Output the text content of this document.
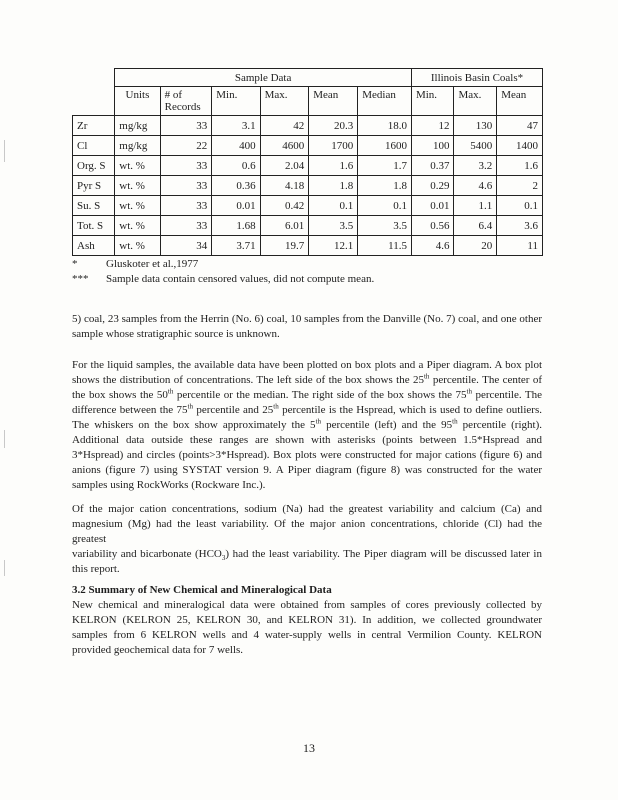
	Sample Data						Illinois Basin Coals*		
	Units	# of Records	Min.	Max.	Mean	Median	Min.	Max.	Mean
Zr	mg/kg	33	3.1	42	20.3	18.0	12	130	47
Cl	mg/kg	22	400	4600	1700	1600	100	5400	1400
Org. S	wt. %	33	0.6	2.04	1.6	1.7	0.37	3.2	1.6
Pyr S	wt. %	33	0.36	4.18	1.8	1.8	0.29	4.6	2
Su. S	wt. %	33	0.01	0.42	0.1	0.1	0.01	1.1	0.1
Tot. S	wt. %	33	1.68	6.01	3.5	3.5	0.56	6.4	3.6
Ash	wt. %	34	3.71	19.7	12.1	11.5	4.6	20	11
*	Gluskoter et al.,1977
*** Sample data contain censored values, did not compute mean.

5) coal, 23 samples from the Herrin (No. 6) coal, 10 samples from the Danville (No. 7) coal, and one other sample whose stratigraphic source is unknown.

For the liquid samples, the available data have been plotted on box plots and a Piper diagram. A box plot shows the distribution of concentrations. The left side of the box shows the 25th percentile. The center of the box shows the 50th percentile or the median. The right side of the box shows the 75th percentile. The difference between the 75th percentile and 25th percentile is the Hspread, which is used to define outliers. The whiskers on the box show approximately the 5th percentile (left) and the 95th percentile (right). Additional data outside these ranges are shown with asterisks (points between 1.5*Hspread and 3*Hspread) and circles (points>3*Hspread). Box plots were constructed for major cations (figure 6) and anions (figure 7) using SYSTAT version 9. A Piper diagram (figure 8) was constructed for the water samples using RockWorks (Rockware Inc.).

Of the major cation concentrations, sodium (Na) had the greatest variability and calcium (Ca) and magnesium (Mg) had the least variability. Of the major anion concentrations, chloride (Cl) had the greatest

variability and bicarbonate $(HCO_3)$ had the least variability. The Piper diagram will be discussed later in this report.

3.2 Summary of New Chemical and Mineralogical Data

New chemical and mineralogical data were obtained from samples of cores previously collected by KELRON (KELRON 25, KELRON 30, and KELRON 31). In addition, we collected groundwater samples from 6 KELRON wells and 4 water-supply wells in central Vermilion County. KELRON provided geochemical data for 7 wells.

13
